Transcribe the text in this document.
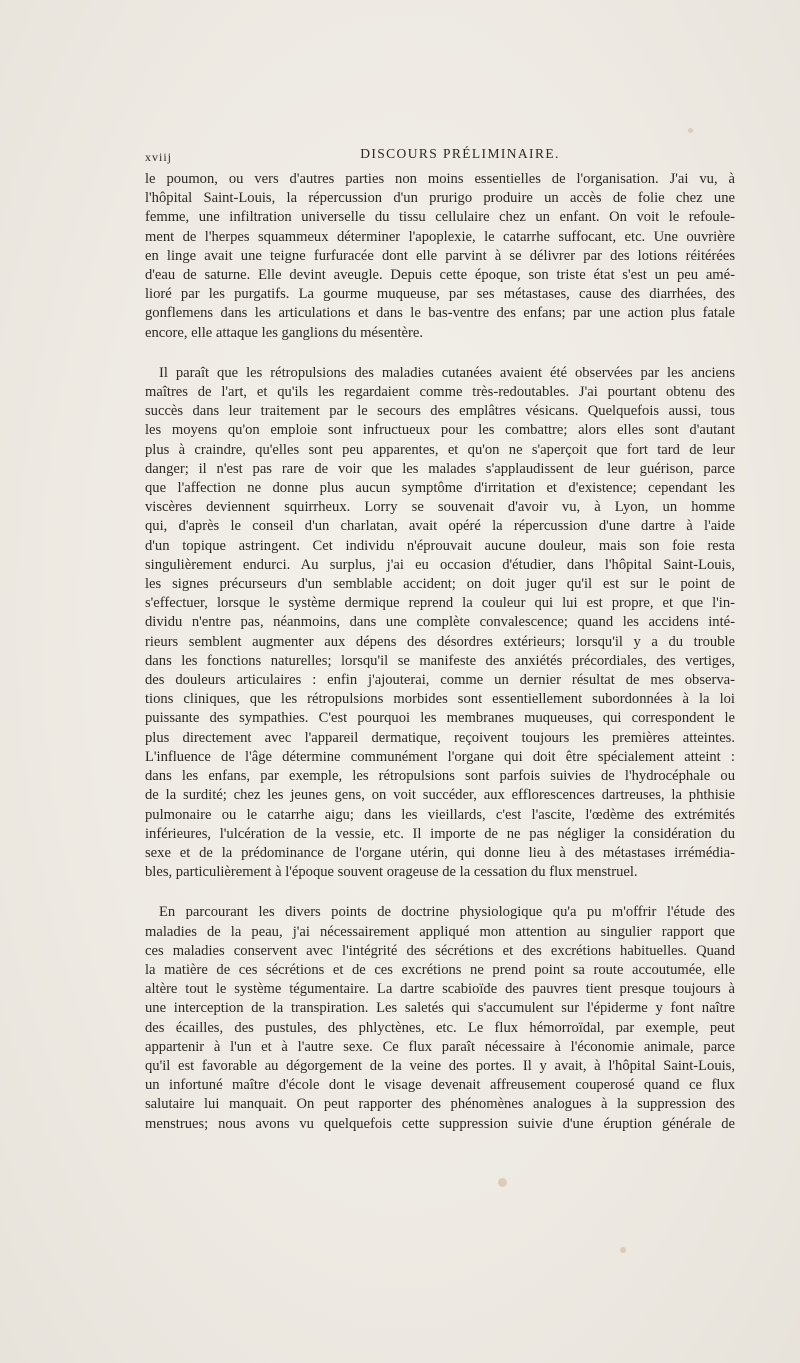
xviij	DISCOURS PRÉLIMINAIRE.

le poumon, ou vers d'autres parties non moins essentielles de l'organisation. J'ai vu, à
l'hôpital Saint-Louis, la répercussion d'un prurigo produire un accès de folie chez une
femme, une infiltration universelle du tissu cellulaire chez un enfant. On voit le refoule-
ment de l'herpes squammeux déterminer l'apoplexie, le catarrhe suffocant, etc. Une ouvrière
en linge avait une teigne furfuracée dont elle parvint à se délivrer par des lotions réitérées
d'eau de saturne. Elle devint aveugle. Depuis cette époque, son triste état s'est un peu amé-
lioré par les purgatifs. La gourme muqueuse, par ses métastases, cause des diarrhées, des
gonflemens dans les articulations et dans le bas-ventre des enfans; par une action plus fatale
encore, elle attaque les ganglions du mésentère.

Il paraît que les rétropulsions des maladies cutanées avaient été observées par les anciens
maîtres de l'art, et qu'ils les regardaient comme très-redoutables. J'ai pourtant obtenu des
succès dans leur traitement par le secours des emplâtres vésicans. Quelquefois aussi, tous
les moyens qu'on emploie sont infructueux pour les combattre; alors elles sont d'autant
plus à craindre, qu'elles sont peu apparentes, et qu'on ne s'aperçoit que fort tard de leur
danger; il n'est pas rare de voir que les malades s'applaudissent de leur guérison, parce
que l'affection ne donne plus aucun symptôme d'irritation et d'existence; cependant les
viscères deviennent squirrheux. Lorry se souvenait d'avoir vu, à Lyon, un homme
qui, d'après le conseil d'un charlatan, avait opéré la répercussion d'une dartre à l'aide
d'un topique astringent. Cet individu n'éprouvait aucune douleur, mais son foie resta
singulièrement endurci. Au surplus, j'ai eu occasion d'étudier, dans l'hôpital Saint-Louis,
les signes précurseurs d'un semblable accident; on doit juger qu'il est sur le point de
s'effectuer, lorsque le système dermique reprend la couleur qui lui est propre, et que l'in-
dividu n'entre pas, néanmoins, dans une complète convalescence; quand les accidens inté-
rieurs semblent augmenter aux dépens des désordres extérieurs; lorsqu'il y a du trouble
dans les fonctions naturelles; lorsqu'il se manifeste des anxiétés précordiales, des vertiges,
des douleurs articulaires : enfin j'ajouterai, comme un dernier résultat de mes observa-
tions cliniques, que les rétropulsions morbides sont essentiellement subordonnées à la loi
puissante des sympathies. C'est pourquoi les membranes muqueuses, qui correspondent le
plus directement avec l'appareil dermatique, reçoivent toujours les premières atteintes.
L'influence de l'âge détermine communément l'organe qui doit être spécialement atteint :
dans les enfans, par exemple, les rétropulsions sont parfois suivies de l'hydrocéphale ou
de la surdité; chez les jeunes gens, on voit succéder, aux efflorescences dartreuses, la phthisie
pulmonaire ou le catarrhe aigu; dans les vieillards, c'est l'ascite, l'œdème des extrémités
inférieures, l'ulcération de la vessie, etc. Il importe de ne pas négliger la considération du
sexe et de la prédominance de l'organe utérin, qui donne lieu à des métastases irrémédia-
bles, particulièrement à l'époque souvent orageuse de la cessation du flux menstruel.

En parcourant les divers points de doctrine physiologique qu'a pu m'offrir l'étude des
maladies de la peau, j'ai nécessairement appliqué mon attention au singulier rapport que
ces maladies conservent avec l'intégrité des sécrétions et des excrétions habituelles. Quand
la matière de ces sécrétions et de ces excrétions ne prend point sa route accoutumée, elle
altère tout le système tégumentaire. La dartre scabioïde des pauvres tient presque toujours à
une interception de la transpiration. Les saletés qui s'accumulent sur l'épiderme y font naître
des écailles, des pustules, des phlyctènes, etc. Le flux hémorroïdal, par exemple, peut
appartenir à l'un et à l'autre sexe. Ce flux paraît nécessaire à l'économie animale, parce
qu'il est favorable au dégorgement de la veine des portes. Il y avait, à l'hôpital Saint-Louis,
un infortuné maître d'école dont le visage devenait affreusement couperosé quand ce flux
salutaire lui manquait. On peut rapporter des phénomènes analogues à la suppression des
menstrues; nous avons vu quelquefois cette suppression suivie d'une éruption générale de
